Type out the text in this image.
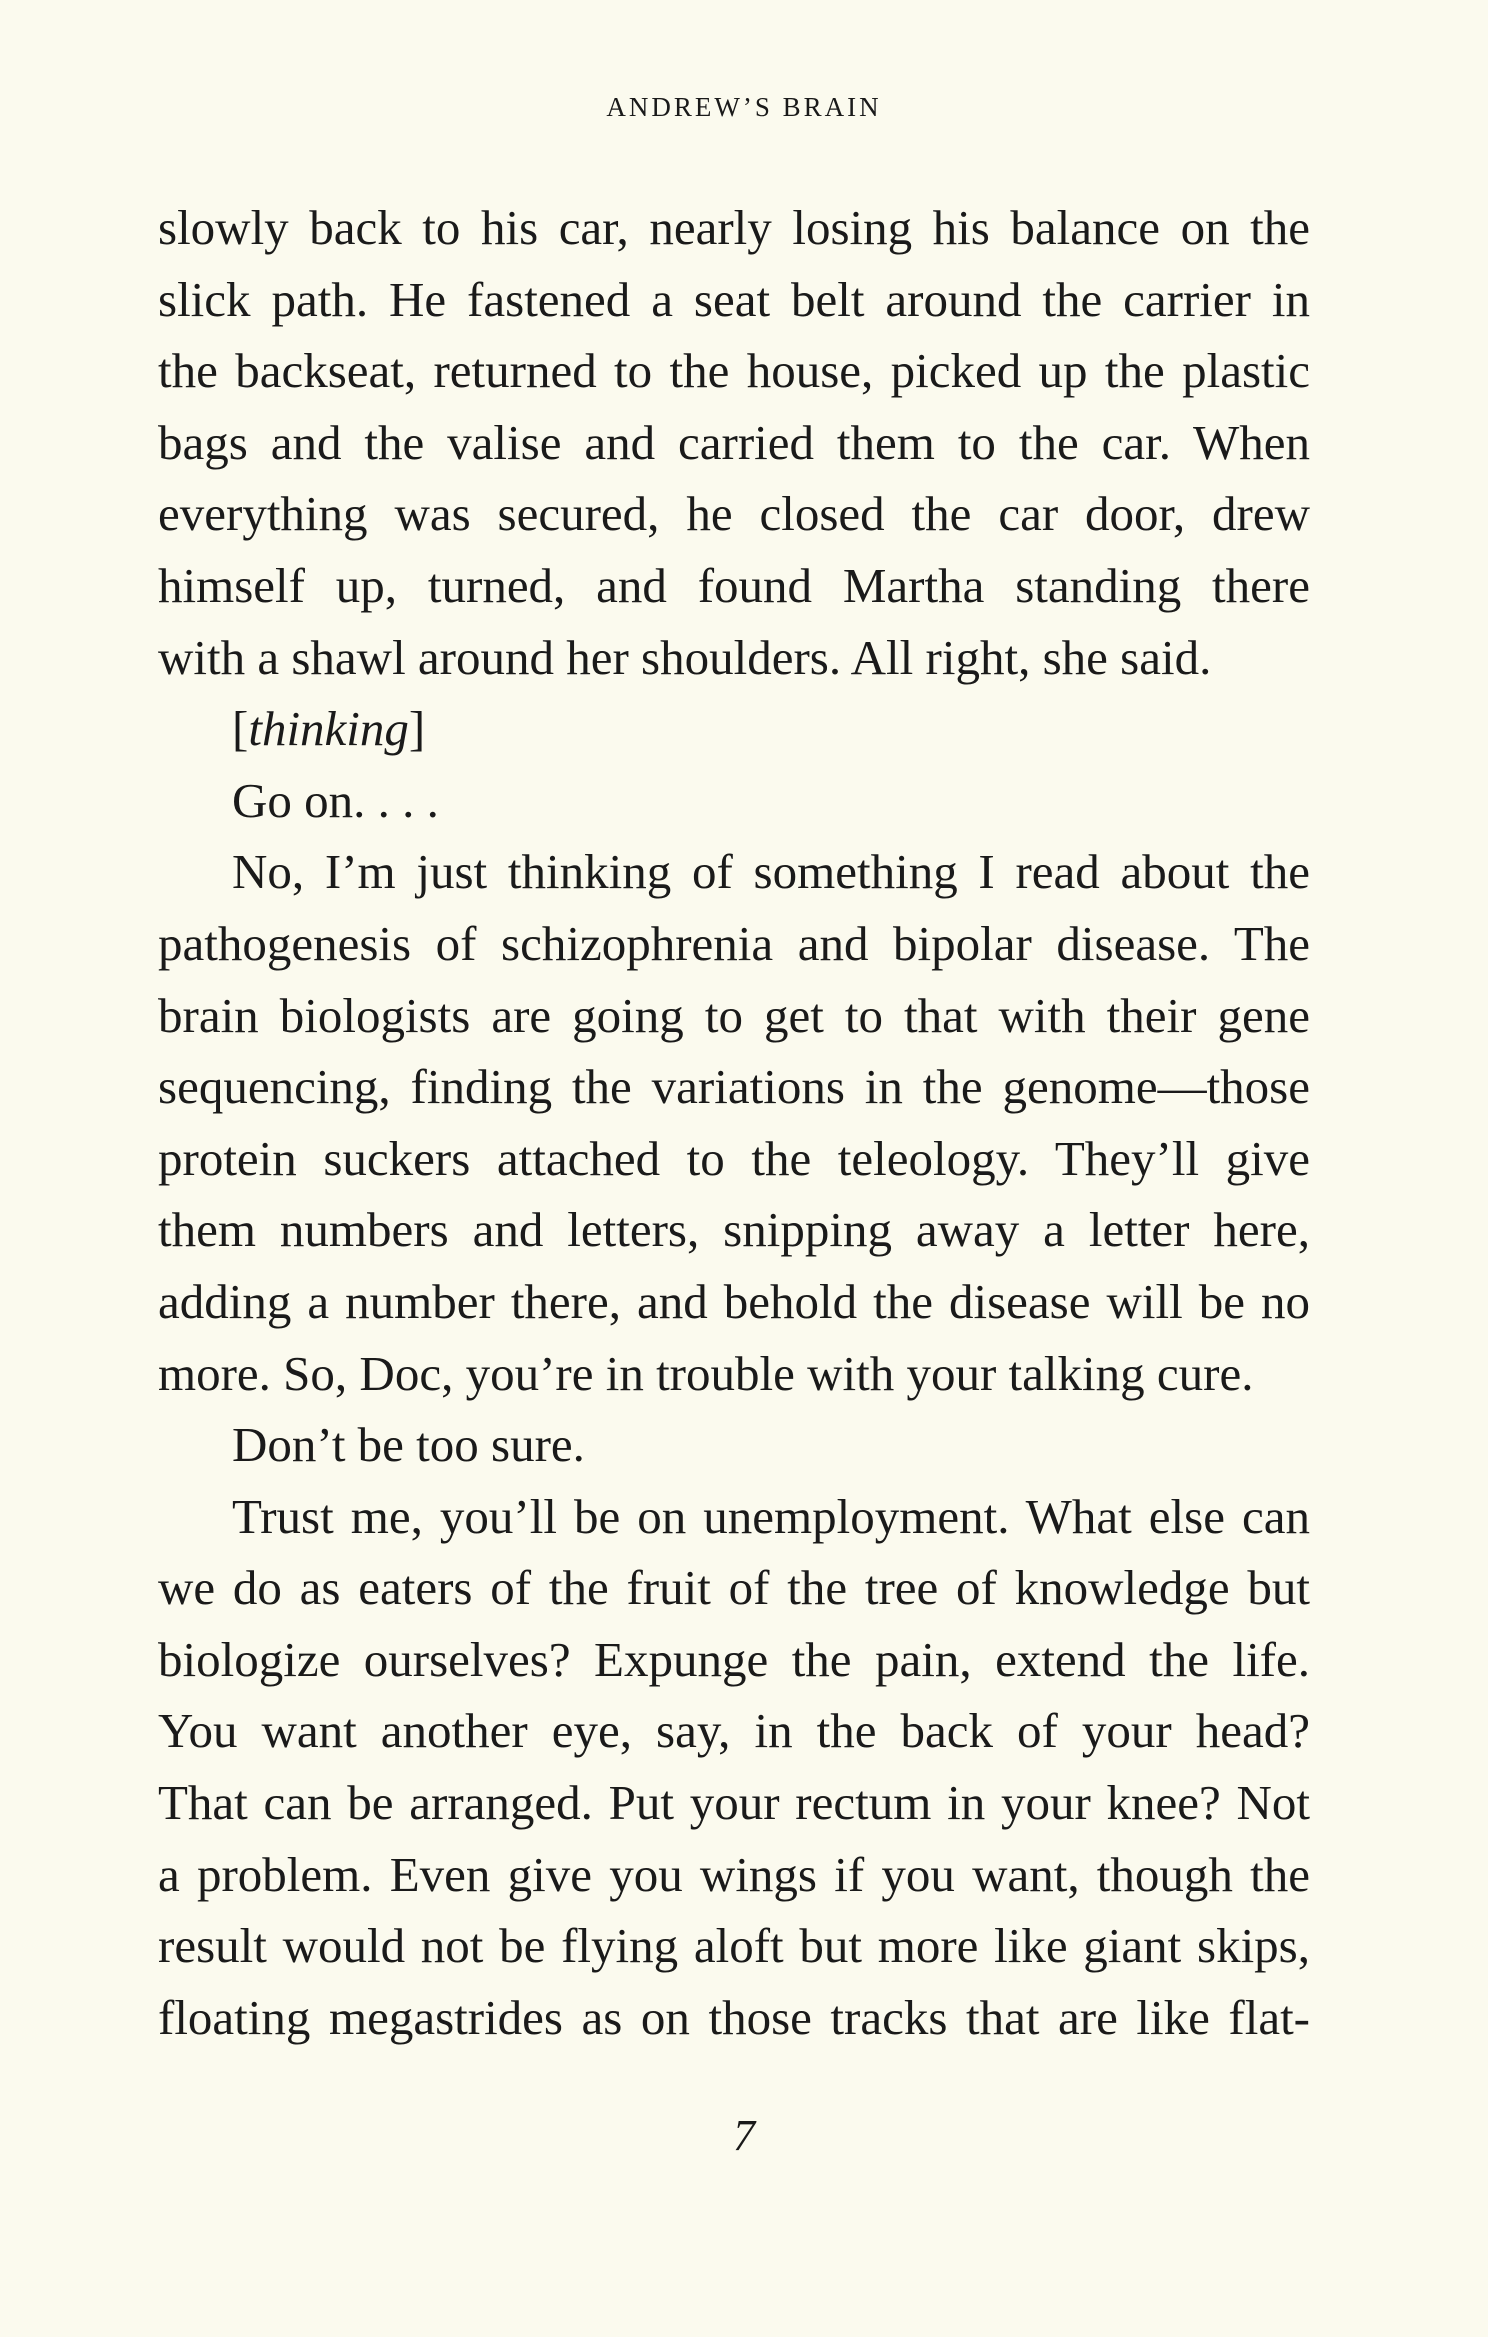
ANDREW’S BRAIN
slowly back to his car, nearly losing his balance on the
slick path. He fastened a seat belt around the carrier in
the backseat, returned to the house, picked up the plastic
bags and the valise and carried them to the car. When
everything was secured, he closed the car door, drew
himself up, turned, and found Martha standing there
with a shawl around her shoulders. All right, she said.
[thinking]
Go on. . . .
No, I’m just thinking of something I read about the
pathogenesis of schizophrenia and bipolar disease. The
brain biologists are going to get to that with their gene
sequencing, finding the variations in the genome—those
protein suckers attached to the teleology. They’ll give
them numbers and letters, snipping away a letter here,
adding a number there, and behold the disease will be no
more. So, Doc, you’re in trouble with your talking cure.
Don’t be too sure.
Trust me, you’ll be on unemployment. What else can
we do as eaters of the fruit of the tree of knowledge but
biologize ourselves? Expunge the pain, extend the life.
You want another eye, say, in the back of your head?
That can be arranged. Put your rectum in your knee? Not
a problem. Even give you wings if you want, though the
result would not be flying aloft but more like giant skips,
floating megastrides as on those tracks that are like flat-
7
